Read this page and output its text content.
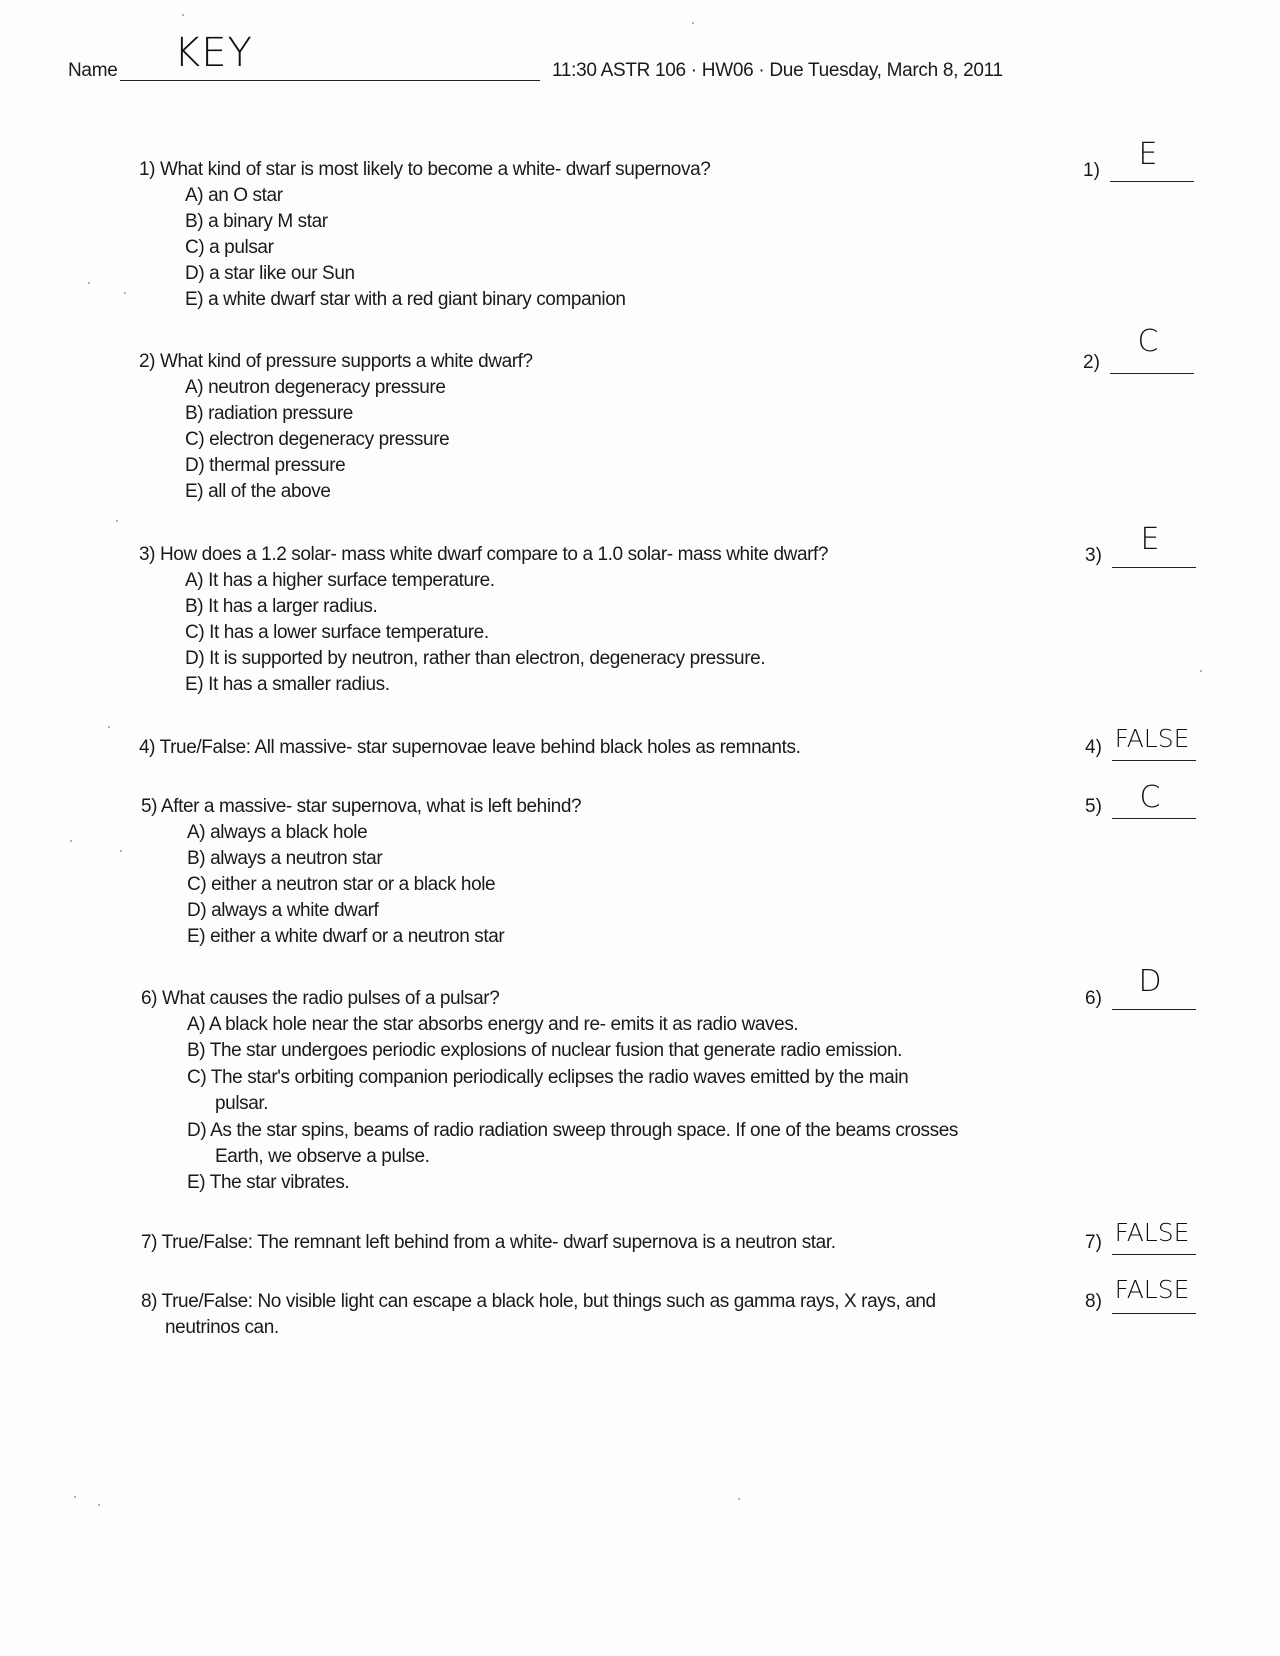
Name KEY	11:30 ASTR 106 · HW06 · Due Tuesday, March 8, 2011
1) What kind of star is most likely to become a white- dwarf supernova?
A) an O star
B) a binary M star
C) a pulsar
D) a star like our Sun
E) a white dwarf star with a red giant binary companion
1)	E
2) What kind of pressure supports a white dwarf?
A) neutron degeneracy pressure
B) radiation pressure
C) electron degeneracy pressure
D) thermal pressure
E) all of the above
2)
C
3) How does a 1.2 solar- mass white dwarf compare to a 1.0 solar- mass white dwarf?
A) It has a higher surface temperature.
B) It has a larger radius.
C) It has a lower surface temperature.
D) It is supported by neutron, rather than electron, degeneracy pressure.
E) It has a smaller radius.
3)	E
4) True/False: All massive- star supernovae leave behind black holes as remnants.	4) FALSE
5) After a massive- star supernova, what is left behind?
A) always a black hole
B) always a neutron star
C) either a neutron star or a black hole
D) always a white dwarf
E) either a white dwarf or a neutron star
5)	C
6) What causes the radio pulses of a pulsar?
A) A black hole near the star absorbs energy and re- emits it as radio waves.
B) The star undergoes periodic explosions of nuclear fusion that generate radio emission.
C) The star's orbiting companion periodically eclipses the radio waves emitted by the main
pulsar.
D) As the star spins, beams of radio radiation sweep through space. If one of the beams crosses
Earth, we observe a pulse.
E) The star vibrates.
6)	D
7) True/False: The remnant left behind from a white- dwarf supernova is a neutron star.	7) FALSE
8) True/False: No visible light can escape a black hole, but things such as gamma rays, X rays, and
neutrinos can.
8) FALSE
